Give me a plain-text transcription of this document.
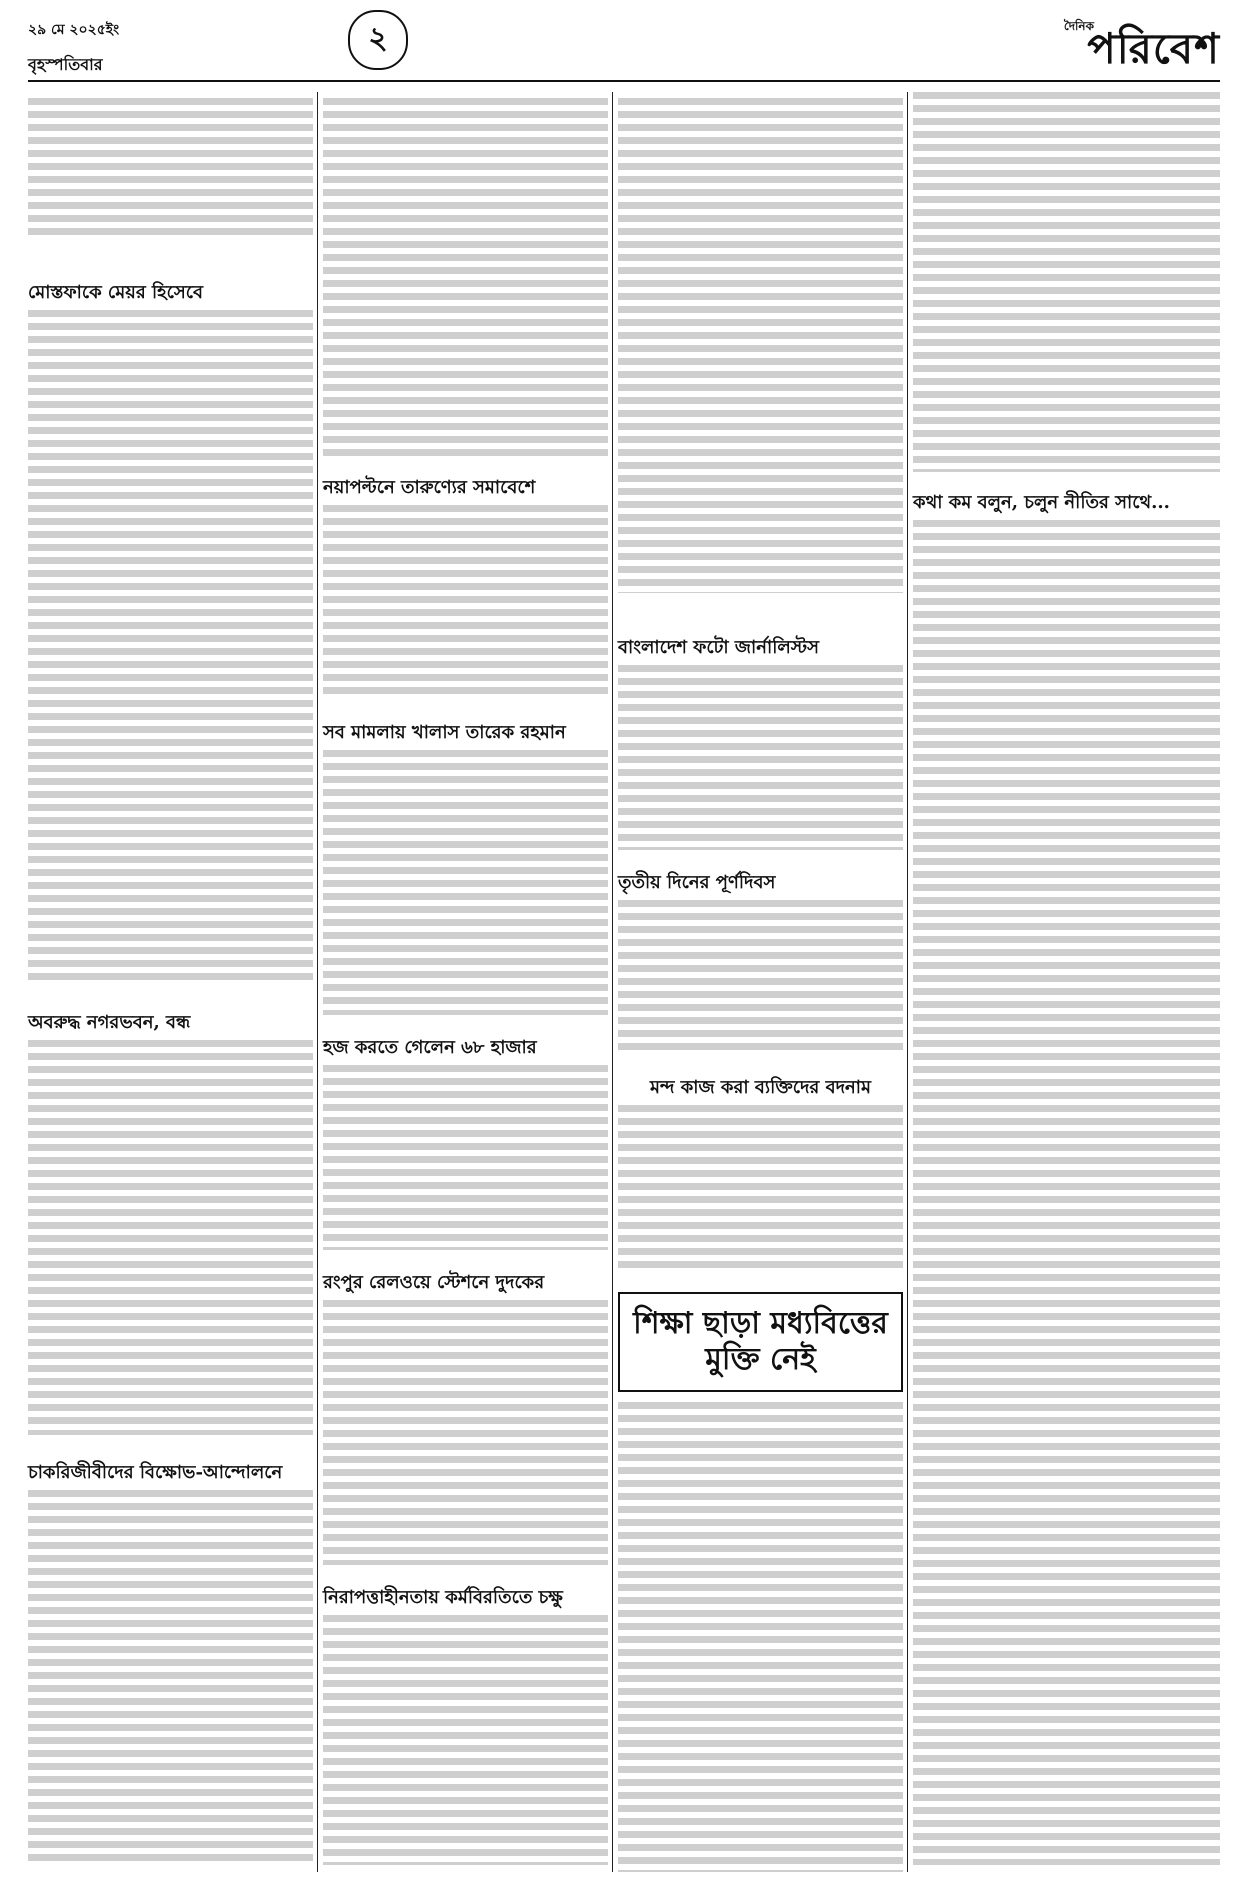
২৯ মে ২০২৫ইং
বৃহস্পতিবার
২	দৈনিক
পরিবেশ
মোস্তফাকে মেয়র হিসেবে
অবরুদ্ধ নগরভবন, বন্ধ
চাকরিজীবীদের বিক্ষোভ-আন্দোলনে
নয়াপল্টনে তারুণ্যের সমাবেশে
সব মামলায় খালাস তারেক রহমান
হজ করতে গেলেন ৬৮ হাজার
রংপুর রেলওয়ে স্টেশনে দুদকের
নিরাপত্তাহীনতায় কর্মবিরতিতে চক্ষু
বাংলাদেশ ফটো জার্নালিস্টস
তৃতীয় দিনের পূর্ণদিবস
মন্দ কাজ করা ব্যক্তিদের বদনাম
শিক্ষা ছাড়া মধ্যবিত্তের মুক্তি নেই
কথা কম বলুন, চলুন নীতির সাথে...
